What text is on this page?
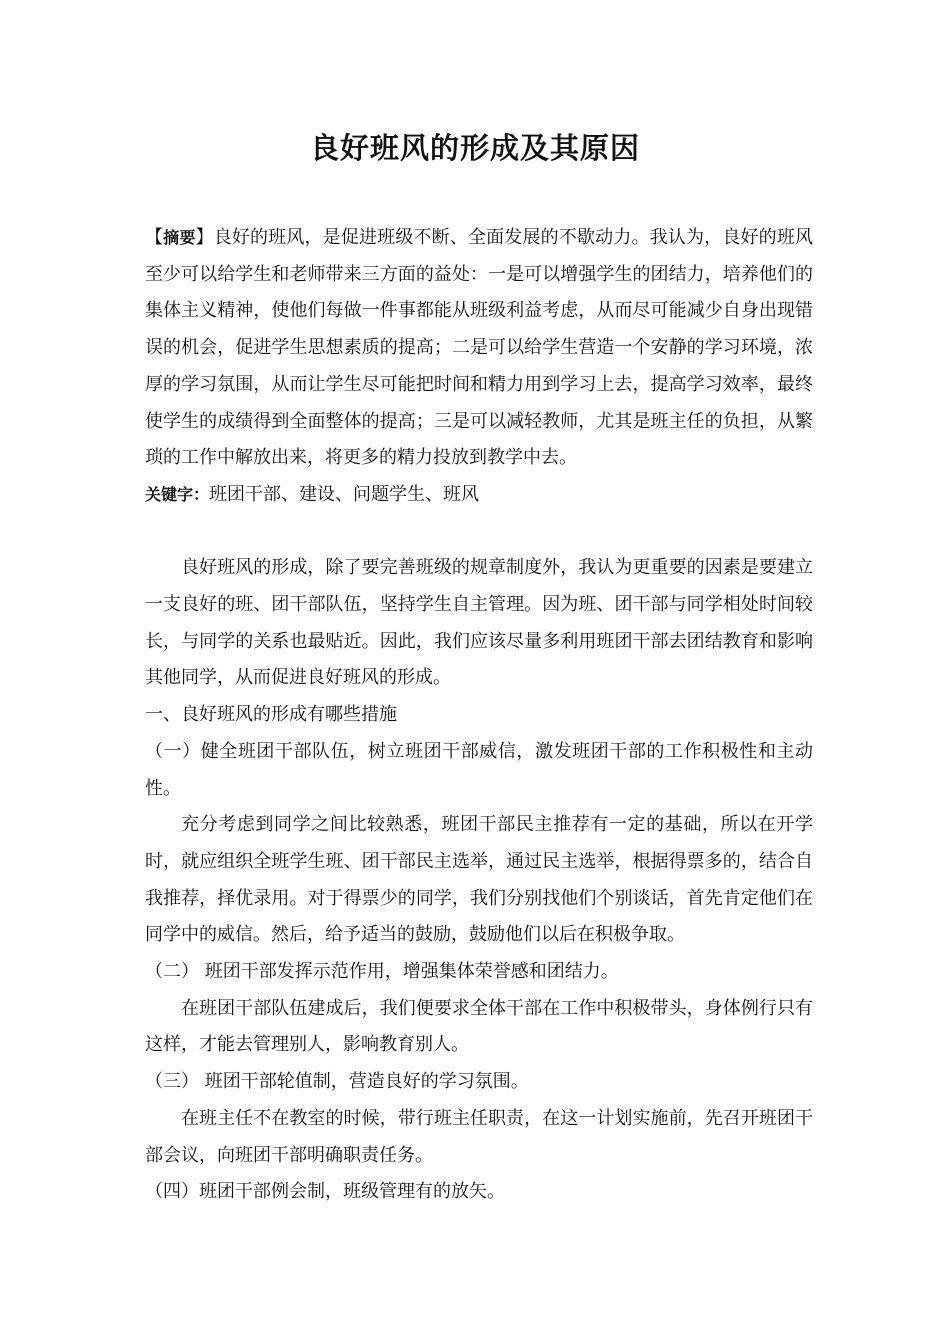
良好班风的形成及其原因

【摘要】良好的班风，是促进班级不断、全面发展的不歇动力。我认为，良好的班风至少可以给学生和老师带来三方面的益处：一是可以增强学生的团结力，培养他们的集体主义精神，使他们每做一件事都能从班级利益考虑，从而尽可能减少自身出现错误的机会，促进学生思想素质的提高；二是可以给学生营造一个安静的学习环境，浓厚的学习氛围，从而让学生尽可能把时间和精力用到学习上去，提高学习效率，最终使学生的成绩得到全面整体的提高；三是可以减轻教师，尤其是班主任的负担，从繁琐的工作中解放出来，将更多的精力投放到教学中去。

关键字：班团干部、建设、问题学生、班风

良好班风的形成，除了要完善班级的规章制度外，我认为更重要的因素是要建立一支良好的班、团干部队伍，坚持学生自主管理。因为班、团干部与同学相处时间较长，与同学的关系也最贴近。因此，我们应该尽量多利用班团干部去团结教育和影响其他同学，从而促进良好班风的形成。

一、良好班风的形成有哪些措施

（一）健全班团干部队伍，树立班团干部威信，激发班团干部的工作积极性和主动性。

充分考虑到同学之间比较熟悉，班团干部民主推荐有一定的基础，所以在开学时，就应组织全班学生班、团干部民主选举，通过民主选举，根据得票多的，结合自我推荐，择优录用。对于得票少的同学，我们分别找他们个别谈话，首先肯定他们在同学中的威信。然后，给予适当的鼓励，鼓励他们以后在积极争取。

（二） 班团干部发挥示范作用，增强集体荣誉感和团结力。

在班团干部队伍建成后，我们便要求全体干部在工作中积极带头，身体例行只有这样，才能去管理别人，影响教育别人。

（三） 班团干部轮值制，营造良好的学习氛围。

在班主任不在教室的时候，带行班主任职责，在这一计划实施前，先召开班团干部会议，向班团干部明确职责任务。

（四）班团干部例会制，班级管理有的放矢。
